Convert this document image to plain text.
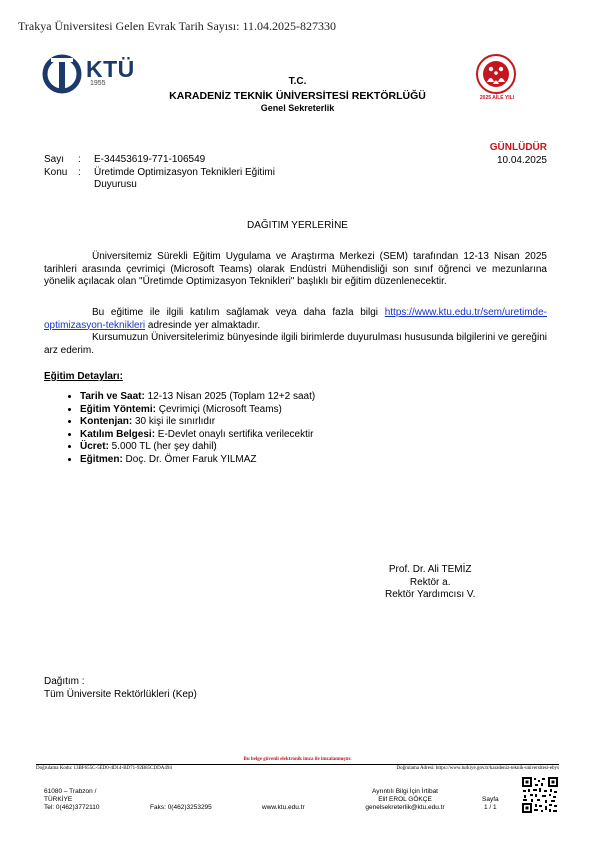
Trakya Üniversitesi Gelen Evrak Tarih Sayısı: 11.04.2025-827330
KTÜ
1955	T.C.
KARADENİZ TEKNİK ÜNİVERSİTESİ REKTÖRLÜĞÜ
Genel Sekreterlik
2025 AİLE YILI
GÜNLÜDÜR
10.04.2025
Sayı : E-34453619-771-106549
Konu : Üretimde Optimizasyon Teknikleri Eğitimi
Duyurusu
DAĞITIM YERLERİNE
Üniversitemiz Sürekli Eğitim Uygulama ve Araştırma Merkezi (SEM) tarafından 12-13 Nisan 2025 tarihleri arasında çevrimiçi (Microsoft Teams) olarak Endüstri Mühendisliği son sınıf öğrenci ve mezunlarına yönelik açılacak olan "Üretimde Optimizasyon Teknikleri" başlıklı bir eğitim düzenlenecektir.
Bu eğitime ile ilgili katılım sağlamak veya daha fazla bilgi https://www.ktu.edu.tr/sem/uretimde-optimizasyon-teknikleri adresinde yer almaktadır.
Kursumuzun Üniversitelerimiz bünyesinde ilgili birimlerde duyurulması hususunda bilgilerini ve gereğini arz ederim.
Eğitim Detayları:
• Tarih ve Saat: 12-13 Nisan 2025 (Toplam 12+2 saat)
• Eğitim Yöntemi: Çevrimiçi (Microsoft Teams)
• Kontenjan: 30 kişi ile sınırlıdır
• Katılım Belgesi: E-Devlet onaylı sertifika verilecektir
• Ücret: 5.000 TL (her şey dahil)
• Eğitmen: Doç. Dr. Ömer Faruk YILMAZ
Prof. Dr. Ali TEMİZ
Rektör a.
Rektör Yardımcısı V.
Dağıtım :
Tüm Üniversite Rektörlükleri (Kep)
Bu belge güvenli elektronik imza ile imzalanmıştır.
Doğrulama Kodu: 13BF655C-5ED0-4D14-BD71-92B85CDDA494	Doğrulama Adresi: https://www.turkiye.gov.tr/karadeniz-teknik-universitesi-ebys
61080 – Trabzon /
TÜRKİYE
Tel: 0(462)3772110	Faks: 0(462)3253295	www.ktu.edu.tr
Ayrıntılı Bilgi İçin İrtibat
Elif EROL GÖKÇE
genelsekreterlik@ktu.edu.tr
Sayfa
1 / 1
